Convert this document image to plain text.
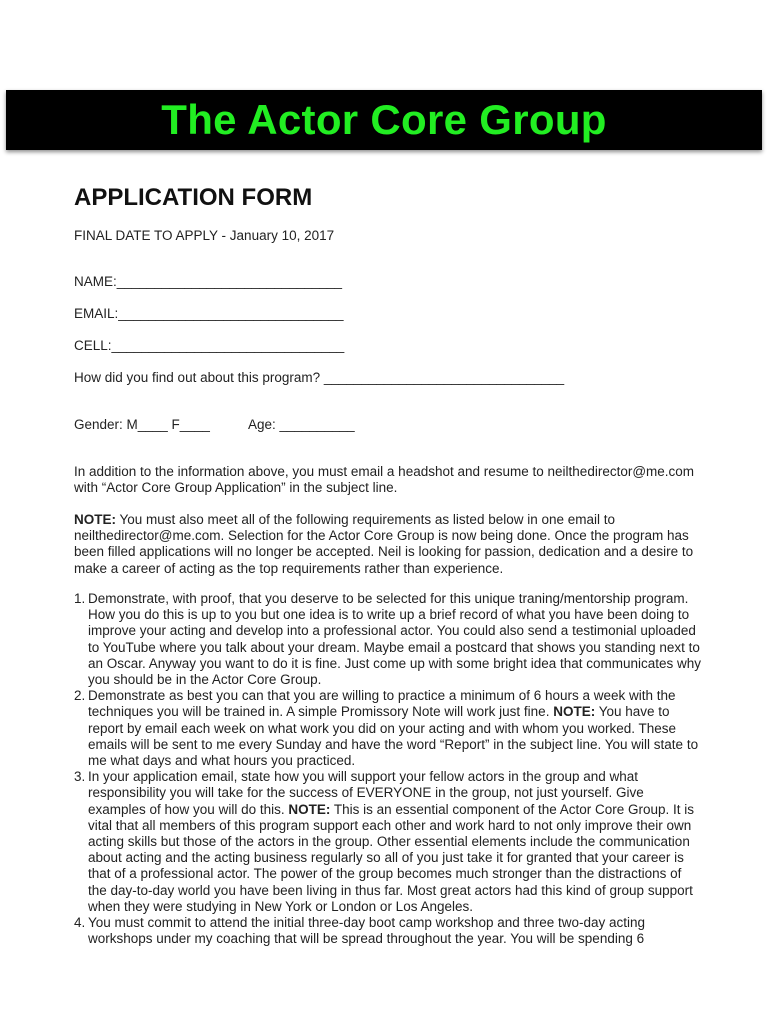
The Actor Core Group
APPLICATION FORM
FINAL DATE TO APPLY - January 10, 2017
NAME:______________________________
EMAIL:______________________________
CELL:_______________________________
How did you find out about this program? ________________________________
Gender: M____ F____	Age: __________
In addition to the information above, you must email a headshot and resume to neilthedirector@me.com with “Actor Core Group Application” in the subject line.
NOTE: You must also meet all of the following requirements as listed below in one email to neilthedirector@me.com. Selection for the Actor Core Group is now being done. Once the program has been filled applications will no longer be accepted. Neil is looking for passion, dedication and a desire to make a career of acting as the top requirements rather than experience.
1. Demonstrate, with proof, that you deserve to be selected for this unique traning/mentorship program. How you do this is up to you but one idea is to write up a brief record of what you have been doing to improve your acting and develop into a professional actor. You could also send a testimonial uploaded to YouTube where you talk about your dream. Maybe email a postcard that shows you standing next to an Oscar. Anyway you want to do it is fine. Just come up with some bright idea that communicates why you should be in the Actor Core Group.
2. Demonstrate as best you can that you are willing to practice a minimum of 6 hours a week with the techniques you will be trained in. A simple Promissory Note will work just fine. NOTE: You have to report by email each week on what work you did on your acting and with whom you worked. These emails will be sent to me every Sunday and have the word “Report” in the subject line. You will state to me what days and what hours you practiced.
3. In your application email, state how you will support your fellow actors in the group and what responsibility you will take for the success of EVERYONE in the group, not just yourself. Give examples of how you will do this. NOTE: This is an essential component of the Actor Core Group. It is vital that all members of this program support each other and work hard to not only improve their own acting skills but those of the actors in the group. Other essential elements include the communication about acting and the acting business regularly so all of you just take it for granted that your career is that of a professional actor. The power of the group becomes much stronger than the distractions of the day-to-day world you have been living in thus far. Most great actors had this kind of group support when they were studying in New York or London or Los Angeles.
4. You must commit to attend the initial three-day boot camp workshop and three two-day acting workshops under my coaching that will be spread throughout the year. You will be spending 6
